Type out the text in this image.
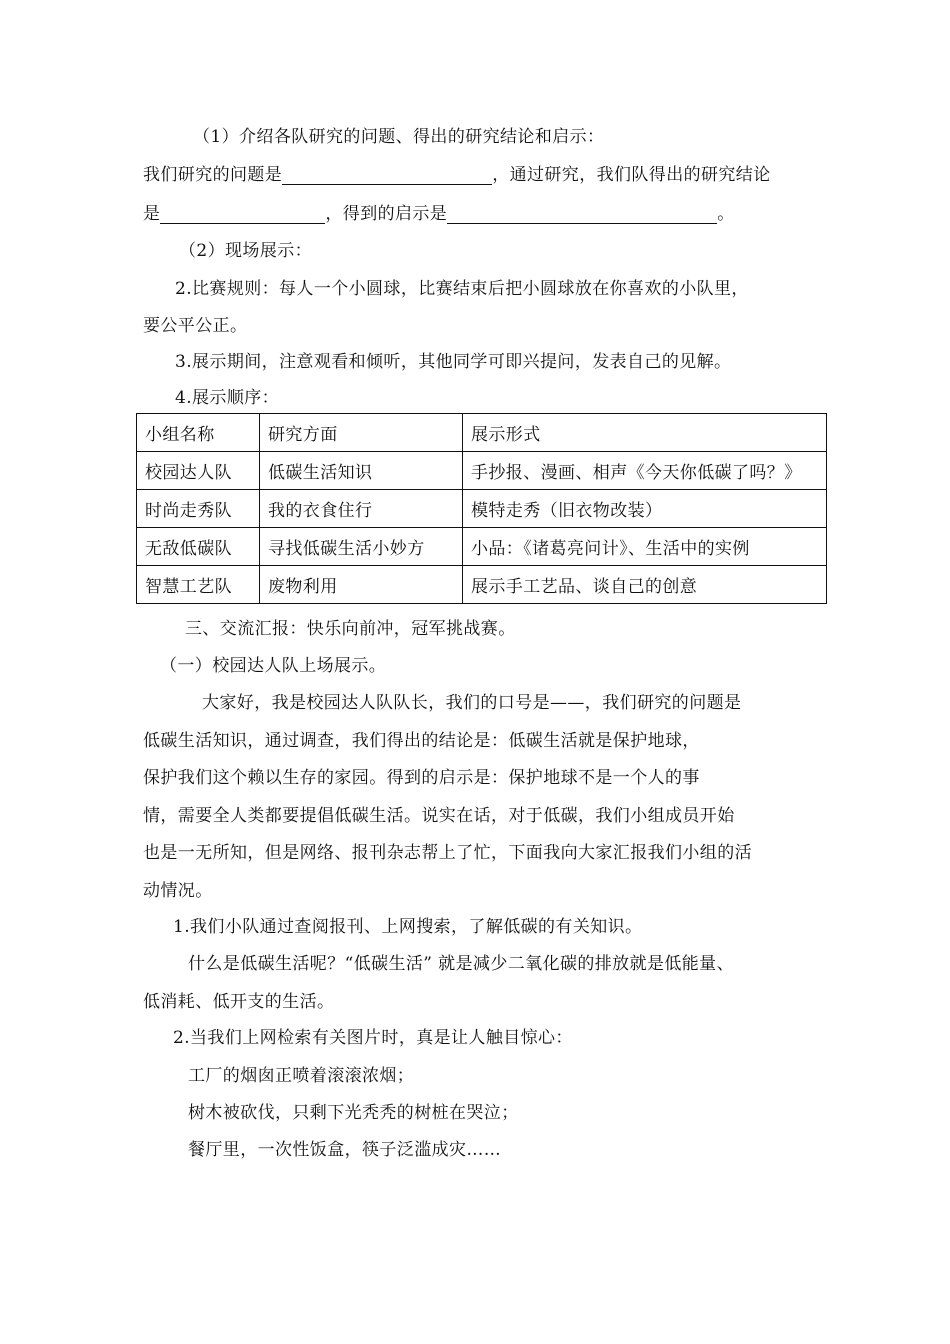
（1）介绍各队研究的问题、得出的研究结论和启示：
我们研究的问题是	，通过研究，我们队得出的研究结论
是	，得到的启示是	。
（2）现场展示：
2.比赛规则：每人一个小圆球，比赛结束后把小圆球放在你喜欢的小队里，
要公平公正。
3.展示期间，注意观看和倾听，其他同学可即兴提问，发表自己的见解。
4.展示顺序：
小组名称	研究方面	展示形式
校园达人队	低碳生活知识	手抄报、漫画、相声《今天你低碳了吗？》
时尚走秀队	我的衣食住行	模特走秀（旧衣物改装）
无敌低碳队	寻找低碳生活小妙方	小品：《诸葛亮问计》、生活中的实例
智慧工艺队	废物利用	展示手工艺品、谈自己的创意
三、交流汇报：快乐向前冲，冠军挑战赛。
（一）校园达人队上场展示。
大家好，我是校园达人队队长，我们的口号是——，我们研究的问题是
低碳生活知识，通过调查，我们得出的结论是：低碳生活就是保护地球，
保护我们这个赖以生存的家园。得到的启示是：保护地球不是一个人的事
情，需要全人类都要提倡低碳生活。说实在话，对于低碳，我们小组成员开始
也是一无所知，但是网络、报刊杂志帮上了忙，下面我向大家汇报我们小组的活
动情况。
1.我们小队通过查阅报刊、上网搜索，了解低碳的有关知识。
什么是低碳生活呢？“低碳生活” 就是减少二氧化碳的排放就是低能量、
低消耗、低开支的生活。
2.当我们上网检索有关图片时，真是让人触目惊心：
工厂的烟囱正喷着滚滚浓烟；
树木被砍伐，只剩下光秃秃的树桩在哭泣；
餐厅里，一次性饭盒，筷子泛滥成灾……
